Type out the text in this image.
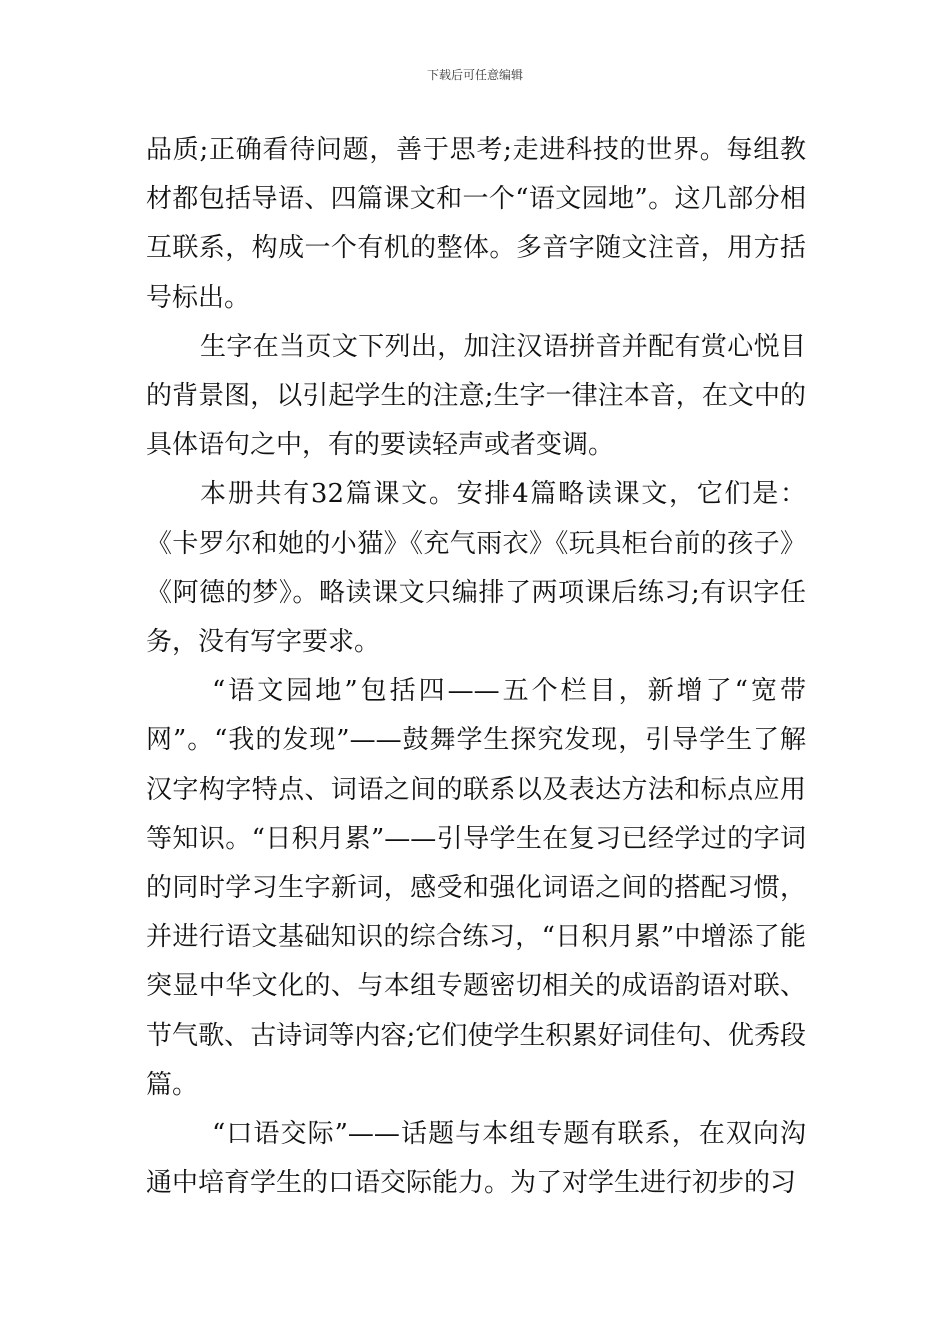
下载后可任意编辑

品质;正确看待问题，善于思考;走进科技的世界。每组教材都包括导语、四篇课文和一个“语文园地”。这几部分相互联系，构成一个有机的整体。多音字随文注音，用方括号标出。

生字在当页文下列出，加注汉语拼音并配有赏心悦目的背景图，以引起学生的注意;生字一律注本音，在文中的具体语句之中，有的要读轻声或者变调。

本册共有32篇课文。安排4篇略读课文，它们是：《卡罗尔和她的小猫》《充气雨衣》《玩具柜台前的孩子》《阿德的梦》。略读课文只编排了两项课后练习;有识字任务，没有写字要求。

“语文园地”包括四——五个栏目，新增了“宽带网”。“我的发现”——鼓舞学生探究发现，引导学生了解汉字构字特点、词语之间的联系以及表达方法和标点应用等知识。“日积月累”——引导学生在复习已经学过的字词的同时学习生字新词，感受和强化词语之间的搭配习惯，并进行语文基础知识的综合练习，“日积月累”中增添了能突显中华文化的、与本组专题密切相关的成语韵语对联、节气歌、古诗词等内容;它们使学生积累好词佳句、优秀段篇。

“口语交际”——话题与本组专题有联系，在双向沟通中培育学生的口语交际能力。为了对学生进行初步的习
